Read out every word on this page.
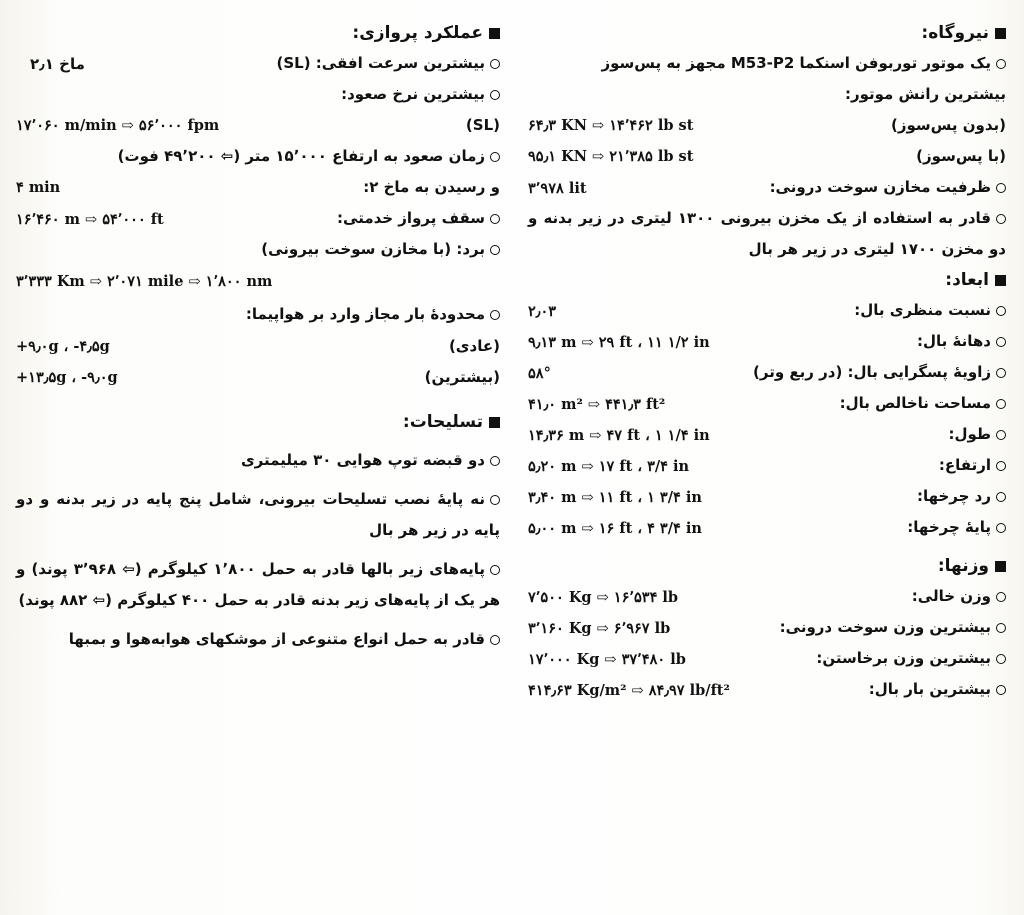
نیروگاه:
یک موتور توربوفن اسنکما M53-P2 مجهز به پس‌سوز
بیشترین رانش موتور:
(بدون پس‌سوز)
۶۴٫۳ KN ⇨ ۱۴٬۴۶۲ lb st
(با پس‌سوز)
۹۵٫۱ KN ⇨ ۲۱٬۳۸۵ lb st
ظرفیت مخازن سوخت درونی:
۳٬۹۷۸ lit
قادر به استفاده از یک مخزن بیرونی ۱۳۰۰ لیتری در زیر بدنه و دو مخزن ۱۷۰۰ لیتری در زیر هر بال
ابعاد:
نسبت منظری بال:
۲٫۰۳
دهانهٔ بال:
۹٫۱۳ m ⇨ ۲۹ ft ، ۱۱ ۱/۲ in
زاویهٔ پسگرایی بال: (در ربع وتر)
۵۸°
مساحت ناخالص بال:
۴۱٫۰ m² ⇨ ۴۴۱٫۳ ft²
طول:
۱۴٫۳۶ m ⇨ ۴۷ ft ، ۱ ۱/۴ in
ارتفاع:
۵٫۲۰ m ⇨ ۱۷ ft ، ۳/۴ in
رد چرخها:
۳٫۴۰ m ⇨ ۱۱ ft ، ۱ ۳/۴ in
پایهٔ چرخها:
۵٫۰۰ m ⇨ ۱۶ ft ، ۴ ۳/۴ in
وزنها:
وزن خالی:
۷٬۵۰۰ Kg ⇨ ۱۶٬۵۳۴ lb
بیشترین وزن سوخت درونی:
۳٬۱۶۰ Kg ⇨ ۶٬۹۶۷ lb
بیشترین وزن برخاستن:
۱۷٬۰۰۰ Kg ⇨ ۳۷٬۴۸۰ lb
بیشترین بار بال:
۴۱۴٫۶۳ Kg/m² ⇨ ۸۴٫۹۷ lb/ft²
عملکرد پروازی:
بیشترین سرعت افقی: (SL)
ماخ ۲٫۱
بیشترین نرخ صعود:
(SL)
۱۷٬۰۶۰ m/min ⇨ ۵۶٬۰۰۰ fpm
زمان صعود به ارتفاع ۱۵٬۰۰۰ متر (⇦ ۴۹٬۲۰۰ فوت)
و رسیدن به ماخ ۲:
۴ min
سقف پرواز خدمتی:
۱۶٬۴۶۰ m ⇨ ۵۴٬۰۰۰ ft
برد: (با مخازن سوخت بیرونی)
۳٬۳۳۳ Km ⇨ ۲٬۰۷۱ mile ⇨ ۱٬۸۰۰ nm
محدودهٔ بار مجاز وارد بر هواپیما:
(عادی)
+۹٫۰g ، -۴٫۵g
(بیشترین)
+۱۳٫۵g ، -۹٫۰g
تسلیحات:
دو قبضه توپ هوایی ۳۰ میلیمتری
نه پایهٔ نصب تسلیحات بیرونی، شامل پنج پایه در زیر بدنه و دو پایه در زیر هر بال
پایه‌های زیر بالها قادر به حمل ۱٬۸۰۰ کیلوگرم (⇦ ۳٬۹۶۸ پوند) و هر یک از پایه‌های زیر بدنه قادر به حمل ۴۰۰ کیلوگرم (⇦ ۸۸۲ پوند)
قادر به حمل انواع متنوعی از موشکهای هوابه‌هوا و بمبها
